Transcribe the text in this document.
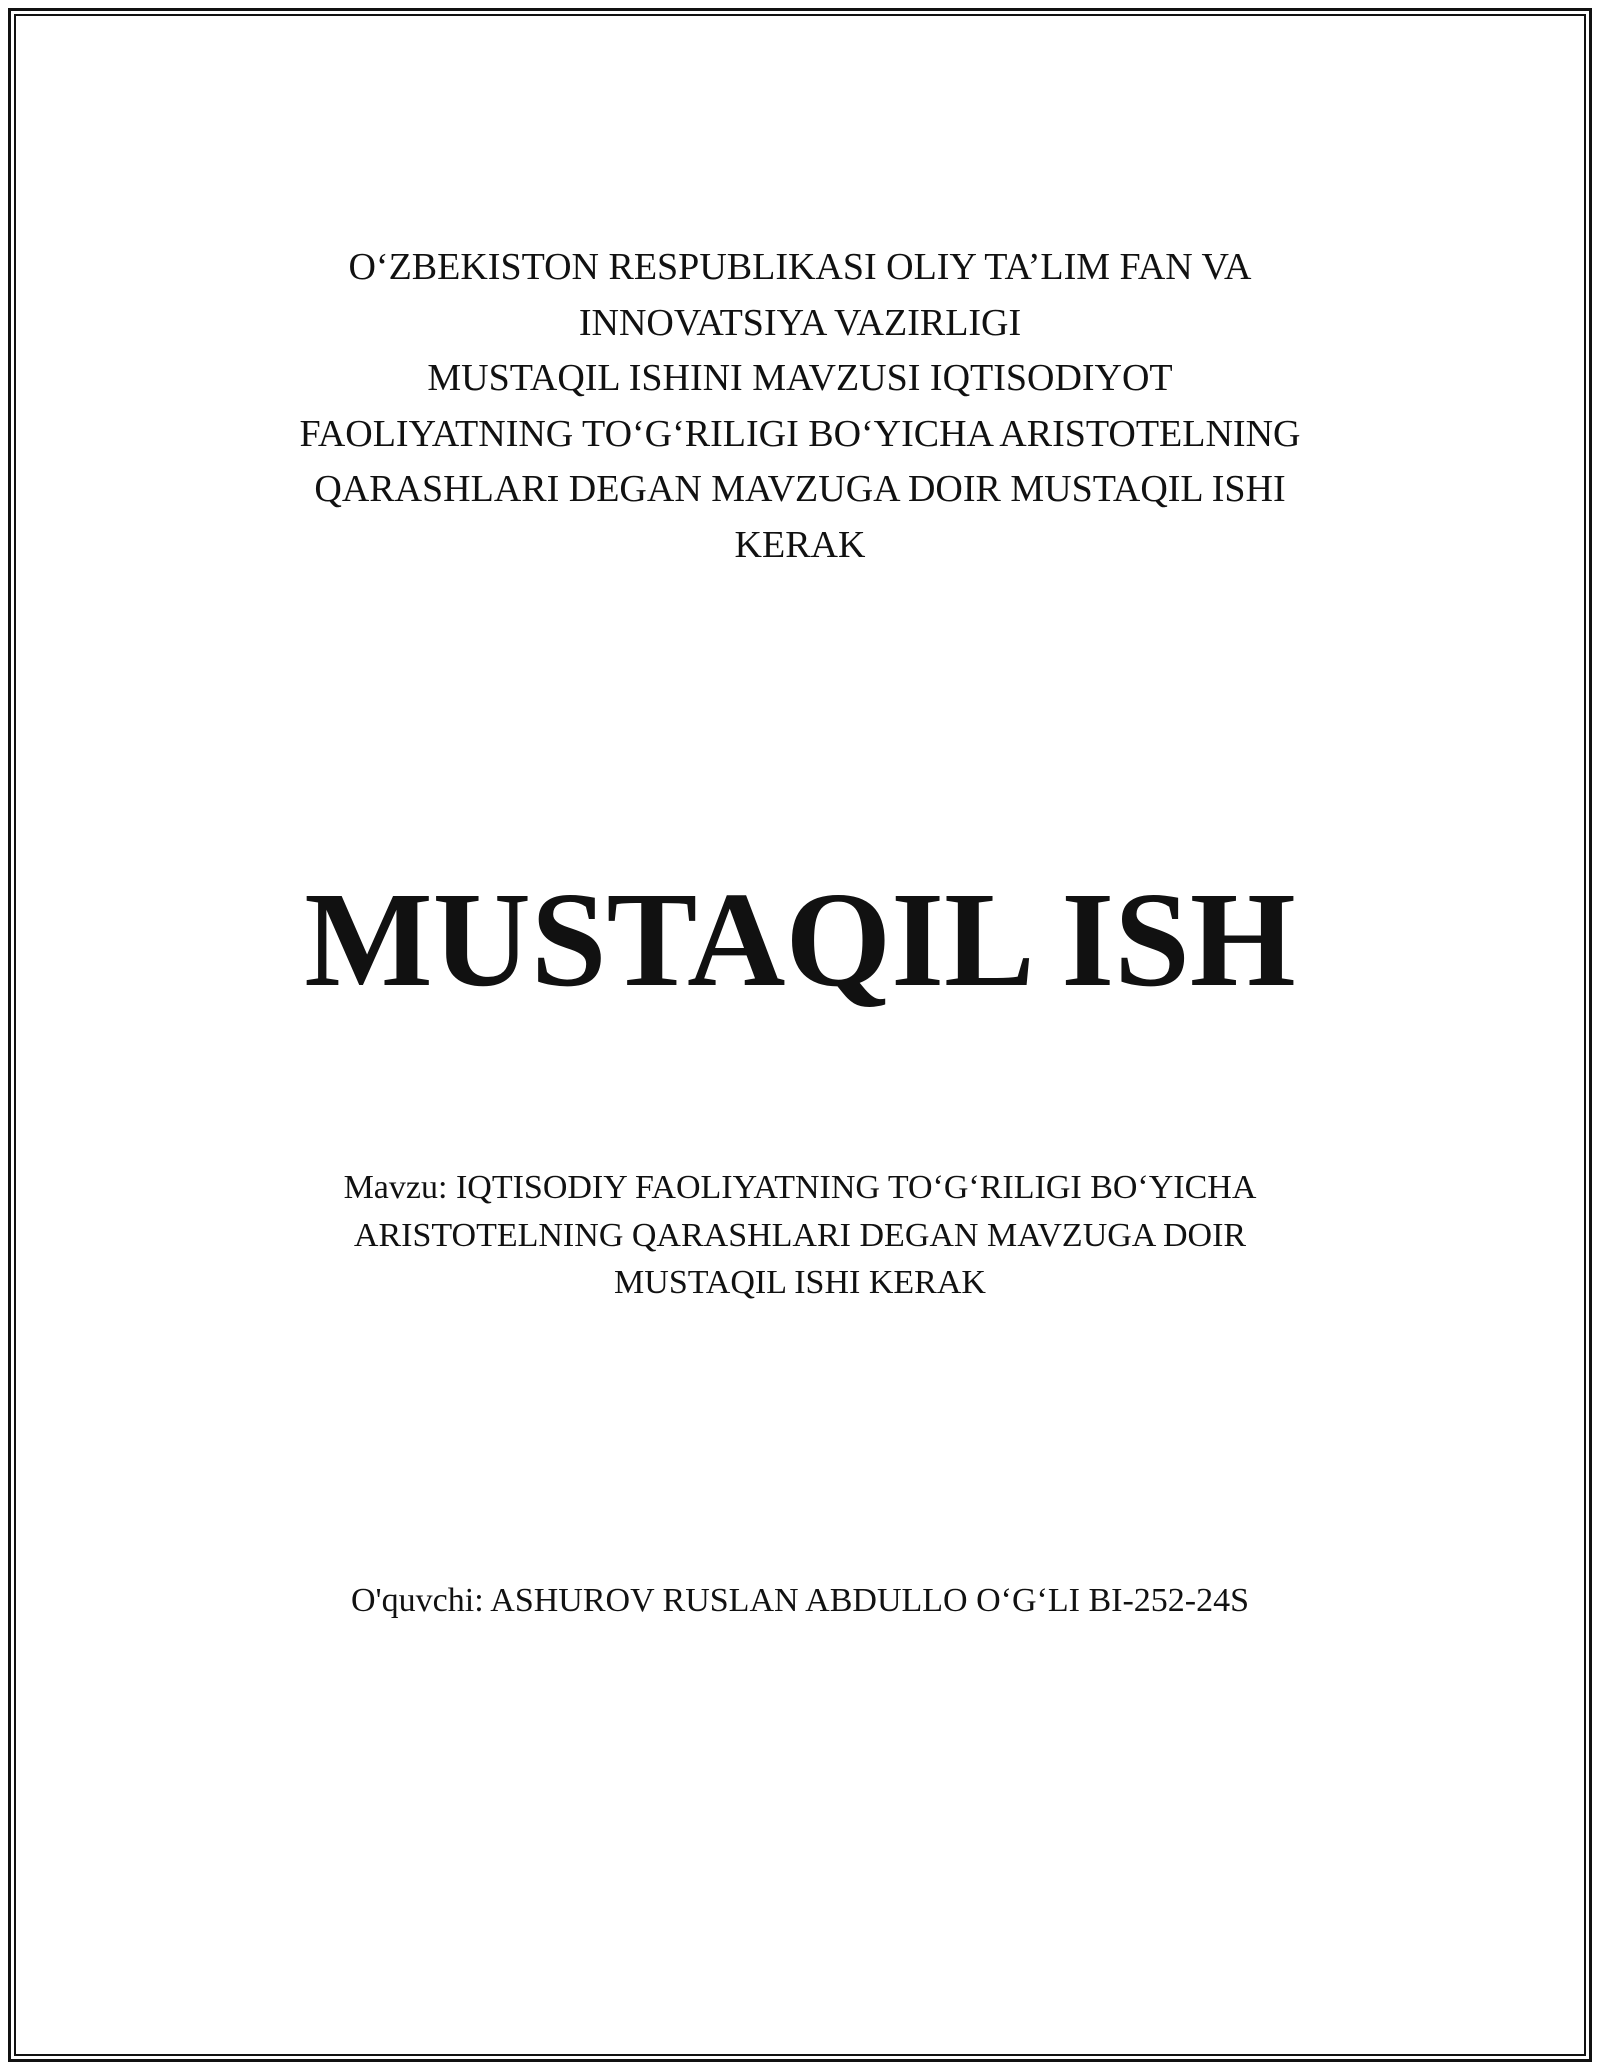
O‘ZBEKISTON RESPUBLIKASI OLIY TA’LIM FAN VA
INNOVATSIYA VAZIRLIGI
MUSTAQIL ISHINI MAVZUSI IQTISODIYOT
FAOLIYATNING TO‘G‘RILIGI BO‘YICHA ARISTOTELNING
QARASHLARI DEGAN MAVZUGA DOIR MUSTAQIL ISHI
KERAK
MUSTAQIL ISH
Mavzu: IQTISODIY FAOLIYATNING TO‘G‘RILIGI BO‘YICHA
ARISTOTELNING QARASHLARI DEGAN MAVZUGA DOIR
MUSTAQIL ISHI KERAK
O'quvchi: ASHUROV RUSLAN ABDULLO O‘G‘LI BI-252-24S
